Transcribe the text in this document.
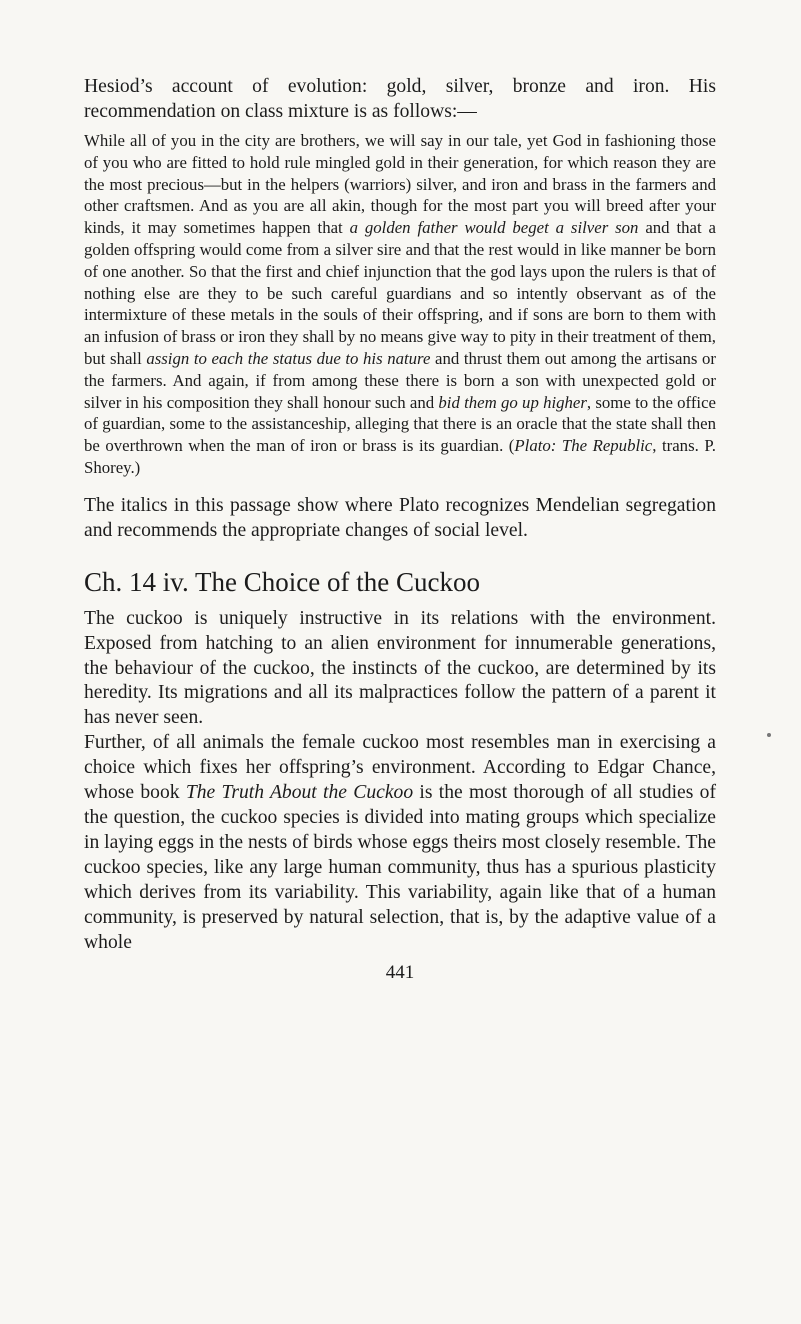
Hesiod’s account of evolution: gold, silver, bronze and iron. His recommendation on class mixture is as follows:—

While all of you in the city are brothers, we will say in our tale, yet God in fashioning those of you who are fitted to hold rule mingled gold in their generation, for which reason they are the most precious—but in the helpers (warriors) silver, and iron and brass in the farmers and other craftsmen. And as you are all akin, though for the most part you will breed after your kinds, it may sometimes happen that a golden father would beget a silver son and that a golden offspring would come from a silver sire and that the rest would in like manner be born of one another. So that the first and chief injunction that the god lays upon the rulers is that of nothing else are they to be such careful guardians and so intently observant as of the intermixture of these metals in the souls of their offspring, and if sons are born to them with an infusion of brass or iron they shall by no means give way to pity in their treatment of them, but shall assign to each the status due to his nature and thrust them out among the artisans or the farmers. And again, if from among these there is born a son with unexpected gold or silver in his composition they shall honour such and bid them go up higher, some to the office of guardian, some to the assistanceship, alleging that there is an oracle that the state shall then be overthrown when the man of iron or brass is its guardian. (Plato: The Republic, trans. P. Shorey.)

The italics in this passage show where Plato recognizes Mendelian segregation and recommends the appropriate changes of social level.

Ch. 14 iv. The Choice of the Cuckoo

The cuckoo is uniquely instructive in its relations with the environment. Exposed from hatching to an alien environment for innumerable generations, the behaviour of the cuckoo, the instincts of the cuckoo, are determined by its heredity. Its migrations and all its malpractices follow the pattern of a parent it has never seen.

Further, of all animals the female cuckoo most resembles man in exercising a choice which fixes her offspring’s environment. According to Edgar Chance, whose book The Truth About the Cuckoo is the most thorough of all studies of the question, the cuckoo species is divided into mating groups which specialize in laying eggs in the nests of birds whose eggs theirs most closely resemble. The cuckoo species, like any large human community, thus has a spurious plasticity which derives from its variability. This variability, again like that of a human community, is preserved by natural selection, that is, by the adaptive value of a whole

441
